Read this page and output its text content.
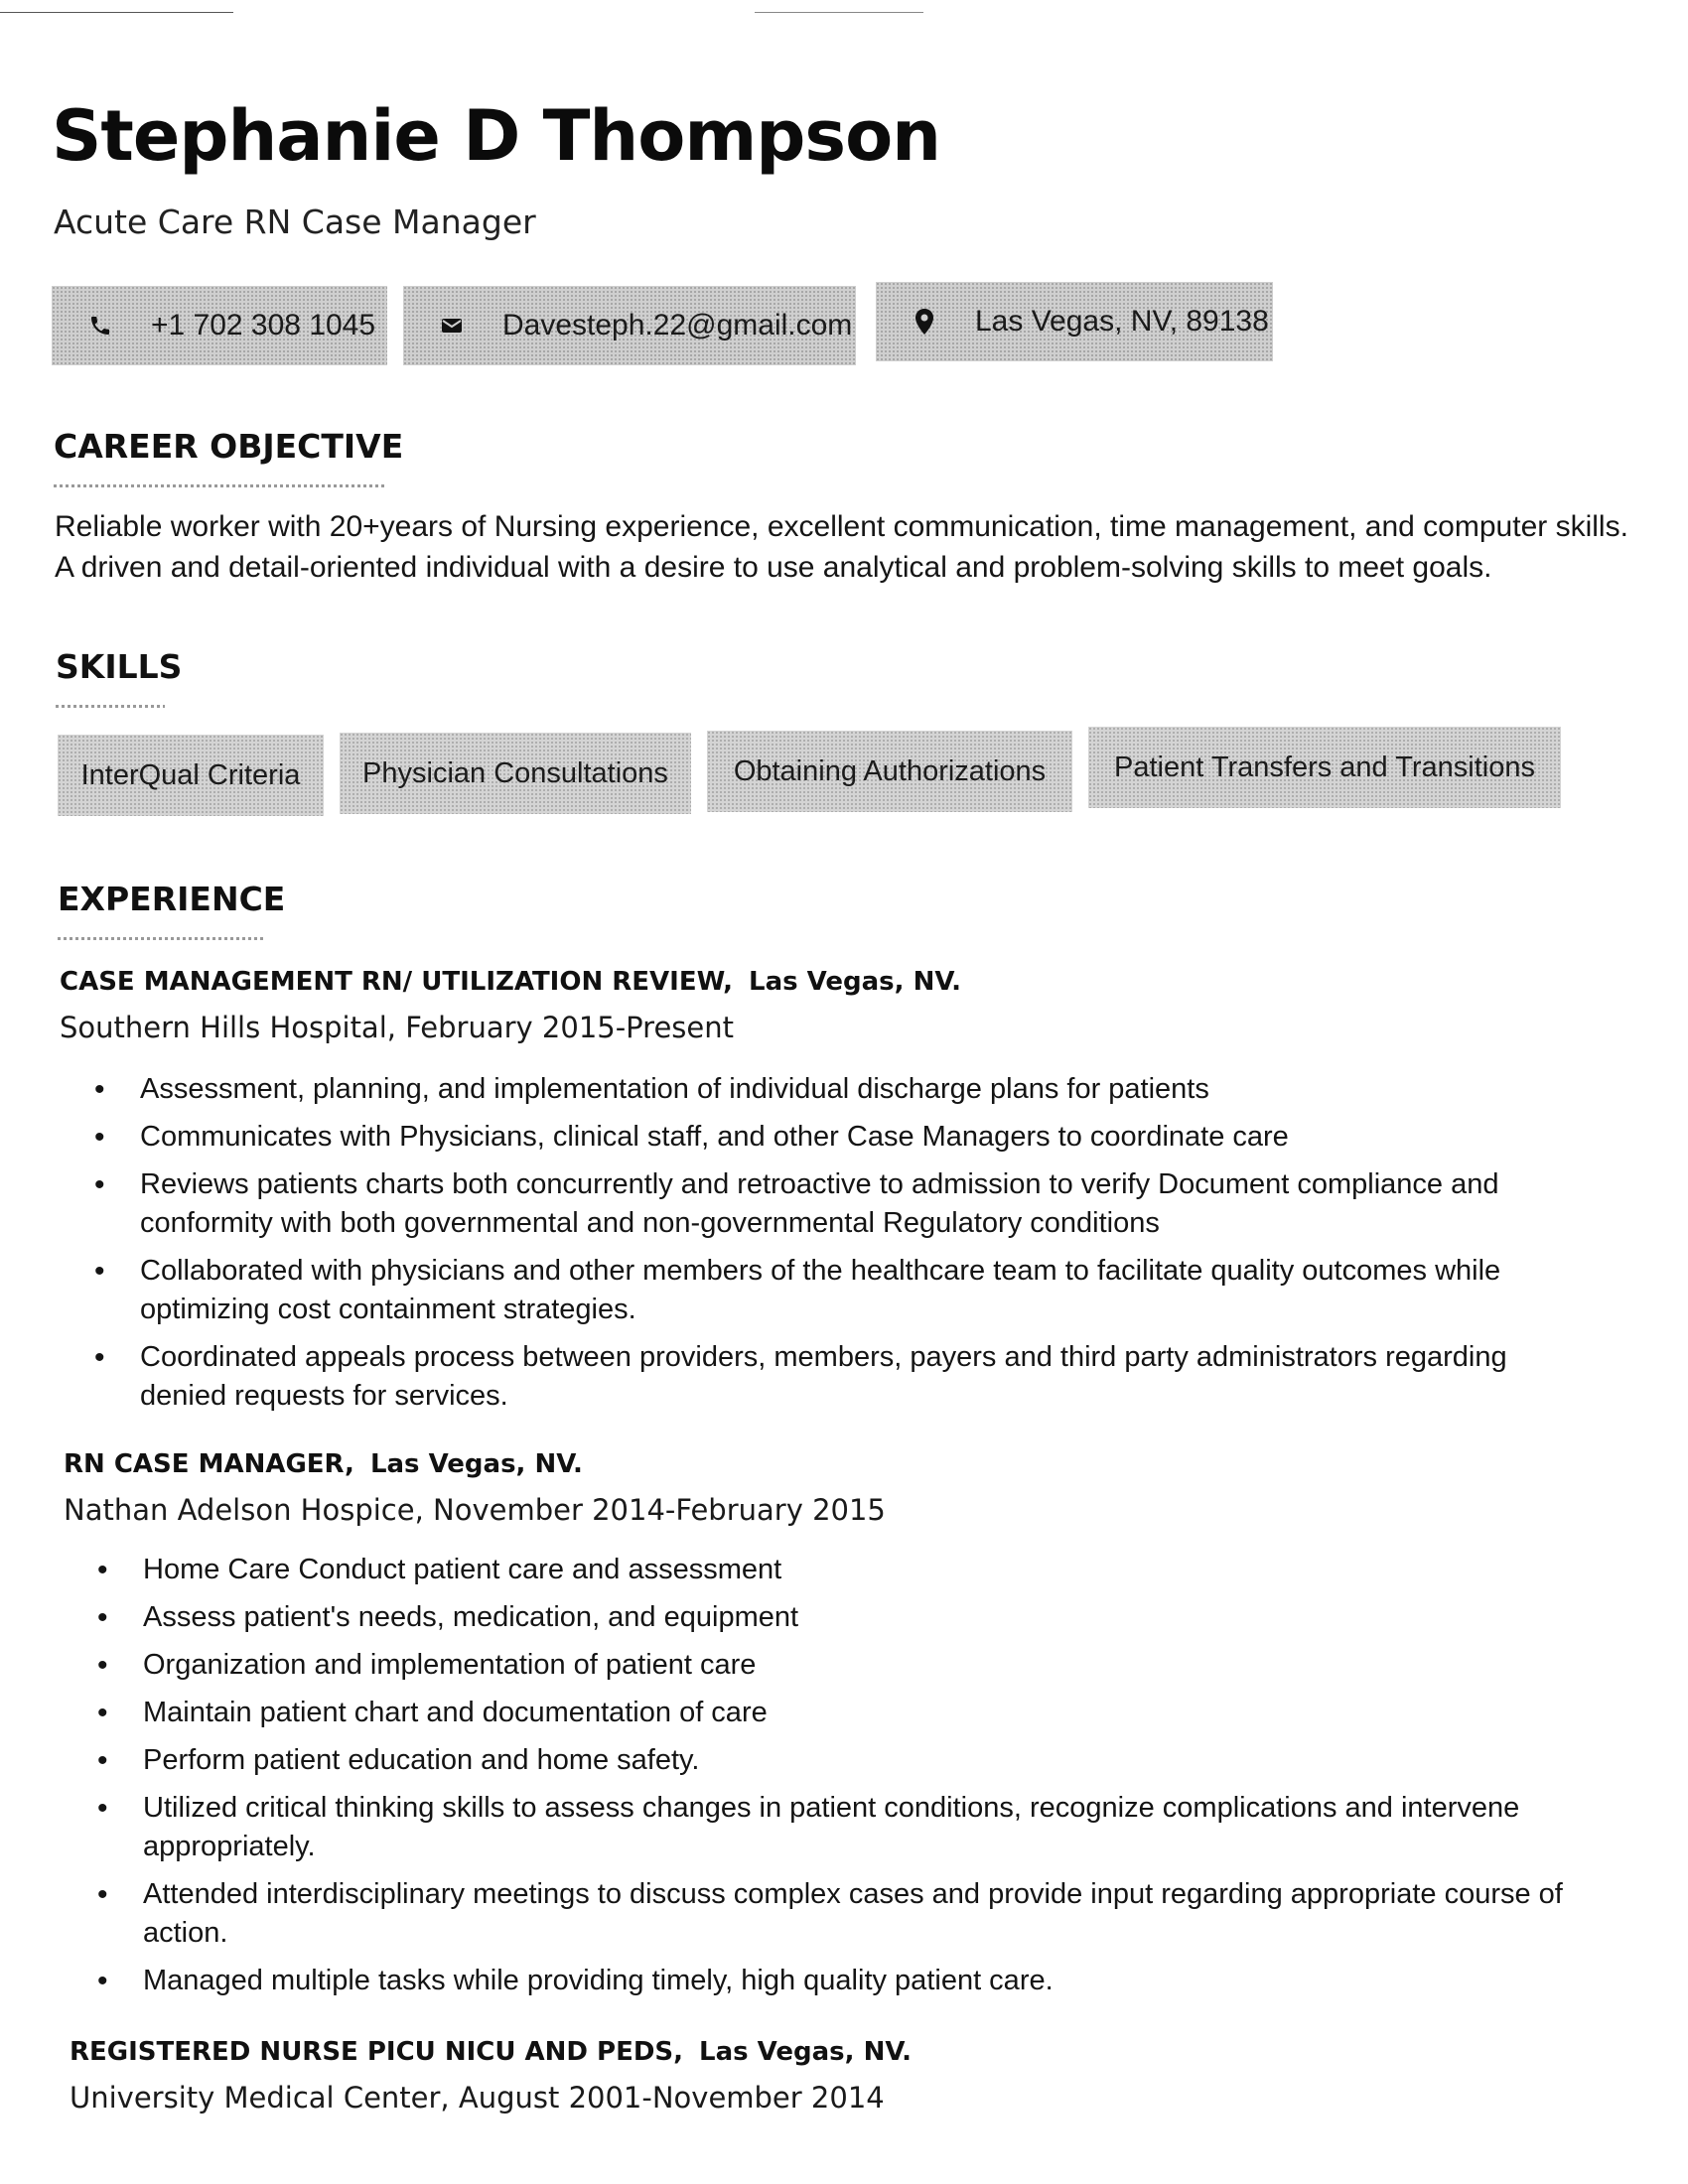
Stephanie D Thompson

Acute Care RN Case Manager

+1 702 308 1045	Davesteph.22@gmail.com	Las Vegas, NV, 89138
CAREER OBJECTIVE

Reliable worker with 20+years of Nursing experience, excellent communication, time management, and computer skills. A driven and detail-oriented individual with a desire to use analytical and problem-solving skills to meet goals.

SKILLS
InterQual Criteria	Physician Consultations	Obtaining Authorizations	Patient Transfers and Transitions
EXPERIENCE

CASE MANAGEMENT RN/ UTILIZATION REVIEW, Las Vegas, NV.

Southern Hills Hospital, February 2015-Present

• Assessment, planning, and implementation of individual discharge plans for patients
• Communicates with Physicians, clinical staff, and other Case Managers to coordinate care
• Reviews patients charts both concurrently and retroactive to admission to verify Document compliance and conformity with both governmental and non-governmental Regulatory conditions
• Collaborated with physicians and other members of the healthcare team to facilitate quality outcomes while optimizing cost containment strategies.
• Coordinated appeals process between providers, members, payers and third party administrators regarding denied requests for services.

RN CASE MANAGER, Las Vegas, NV.

Nathan Adelson Hospice, November 2014-February 2015

• Home Care Conduct patient care and assessment
• Assess patient's needs, medication, and equipment
• Organization and implementation of patient care
• Maintain patient chart and documentation of care
• Perform patient education and home safety.
• Utilized critical thinking skills to assess changes in patient conditions, recognize complications and intervene appropriately.
• Attended interdisciplinary meetings to discuss complex cases and provide input regarding appropriate course of action.
• Managed multiple tasks while providing timely, high quality patient care.

REGISTERED NURSE PICU NICU AND PEDS, Las Vegas, NV.

University Medical Center, August 2001-November 2014
